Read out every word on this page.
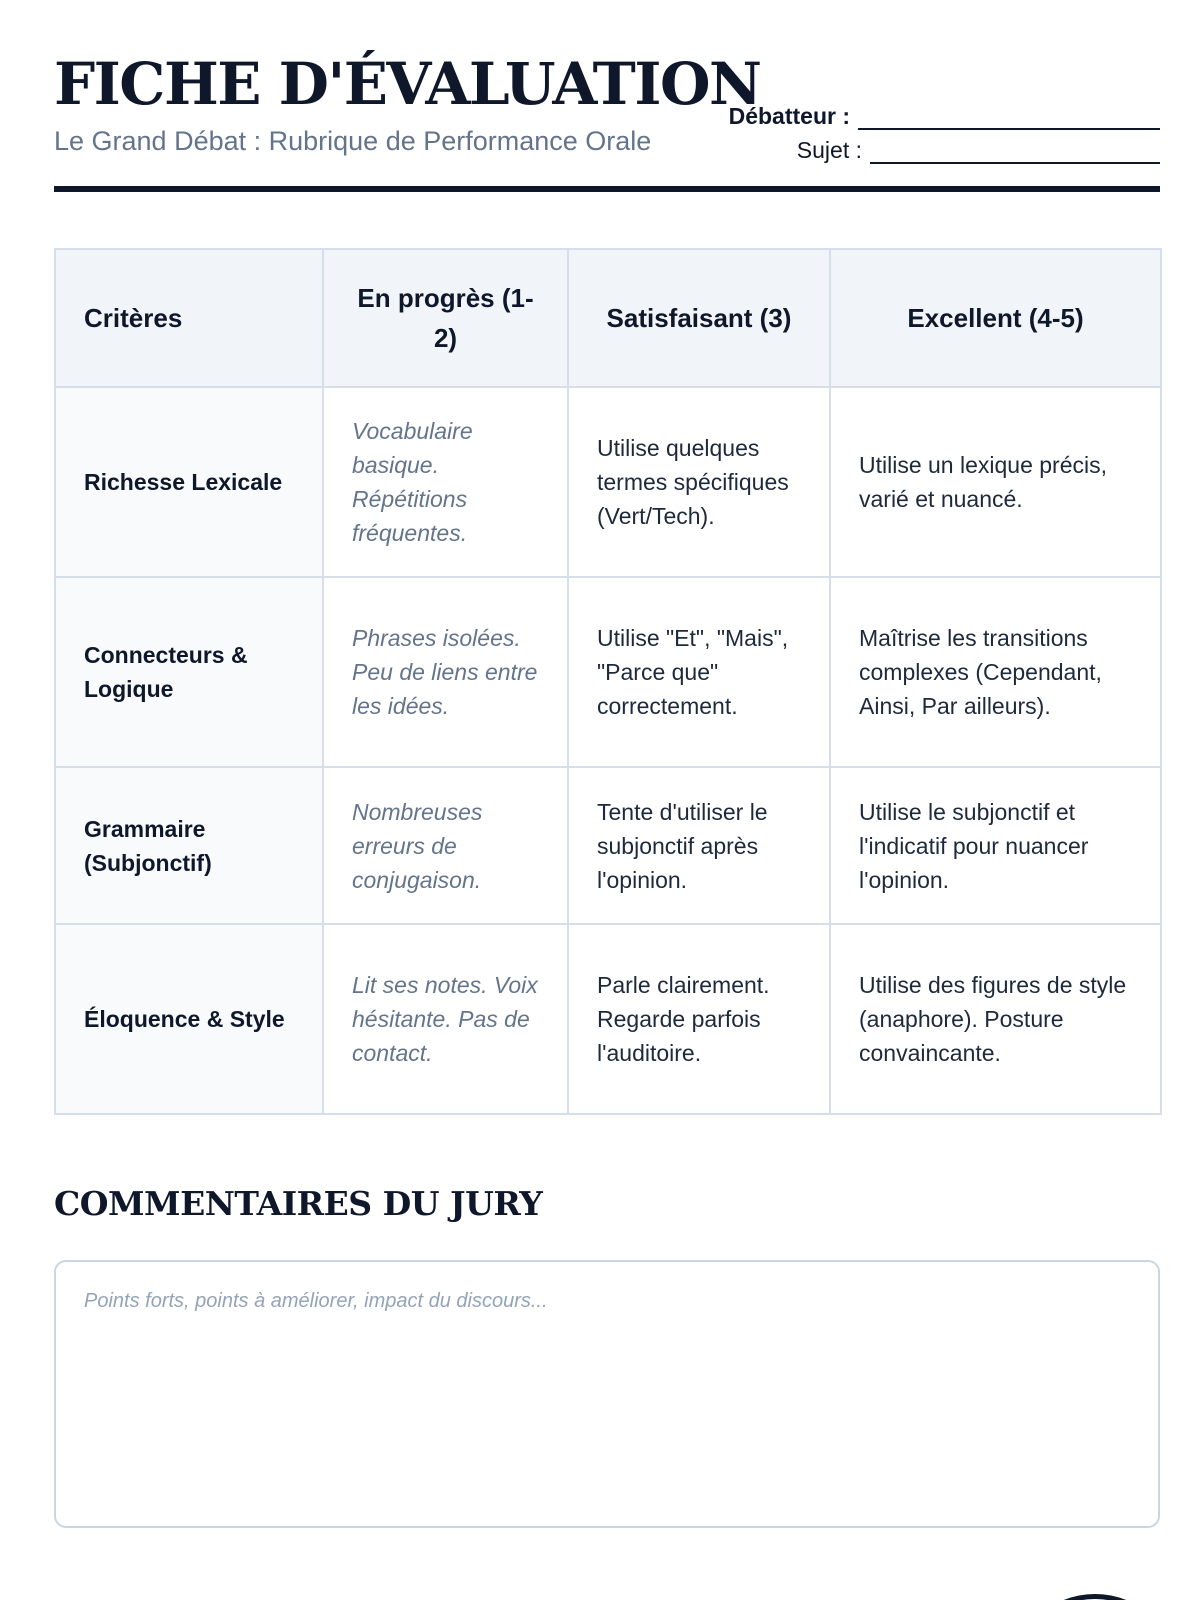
FICHE D'ÉVALUATION
Le Grand Débat : Rubrique de Performance Orale
Débatteur :
Sujet :
Critères	En progrès (1-2)	Satisfaisant (3)	Excellent (4-5)
Richesse Lexicale	Vocabulaire basique. Répétitions fréquentes.	Utilise quelques termes spécifiques (Vert/Tech).	Utilise un lexique précis, varié et nuancé.
Connecteurs & Logique	Phrases isolées. Peu de liens entre les idées.	Utilise "Et", "Mais", "Parce que" correctement.	Maîtrise les transitions complexes (Cependant, Ainsi, Par ailleurs).
Grammaire (Subjonctif)	Nombreuses erreurs de conjugaison.	Tente d'utiliser le subjonctif après l'opinion.	Utilise le subjonctif et l'indicatif pour nuancer l'opinion.
Éloquence & Style	Lit ses notes. Voix hésitante. Pas de contact.	Parle clairement. Regarde parfois l'auditoire.	Utilise des figures de style (anaphore). Posture convaincante.
COMMENTAIRES DU JURY
Points forts, points à améliorer, impact du discours...
